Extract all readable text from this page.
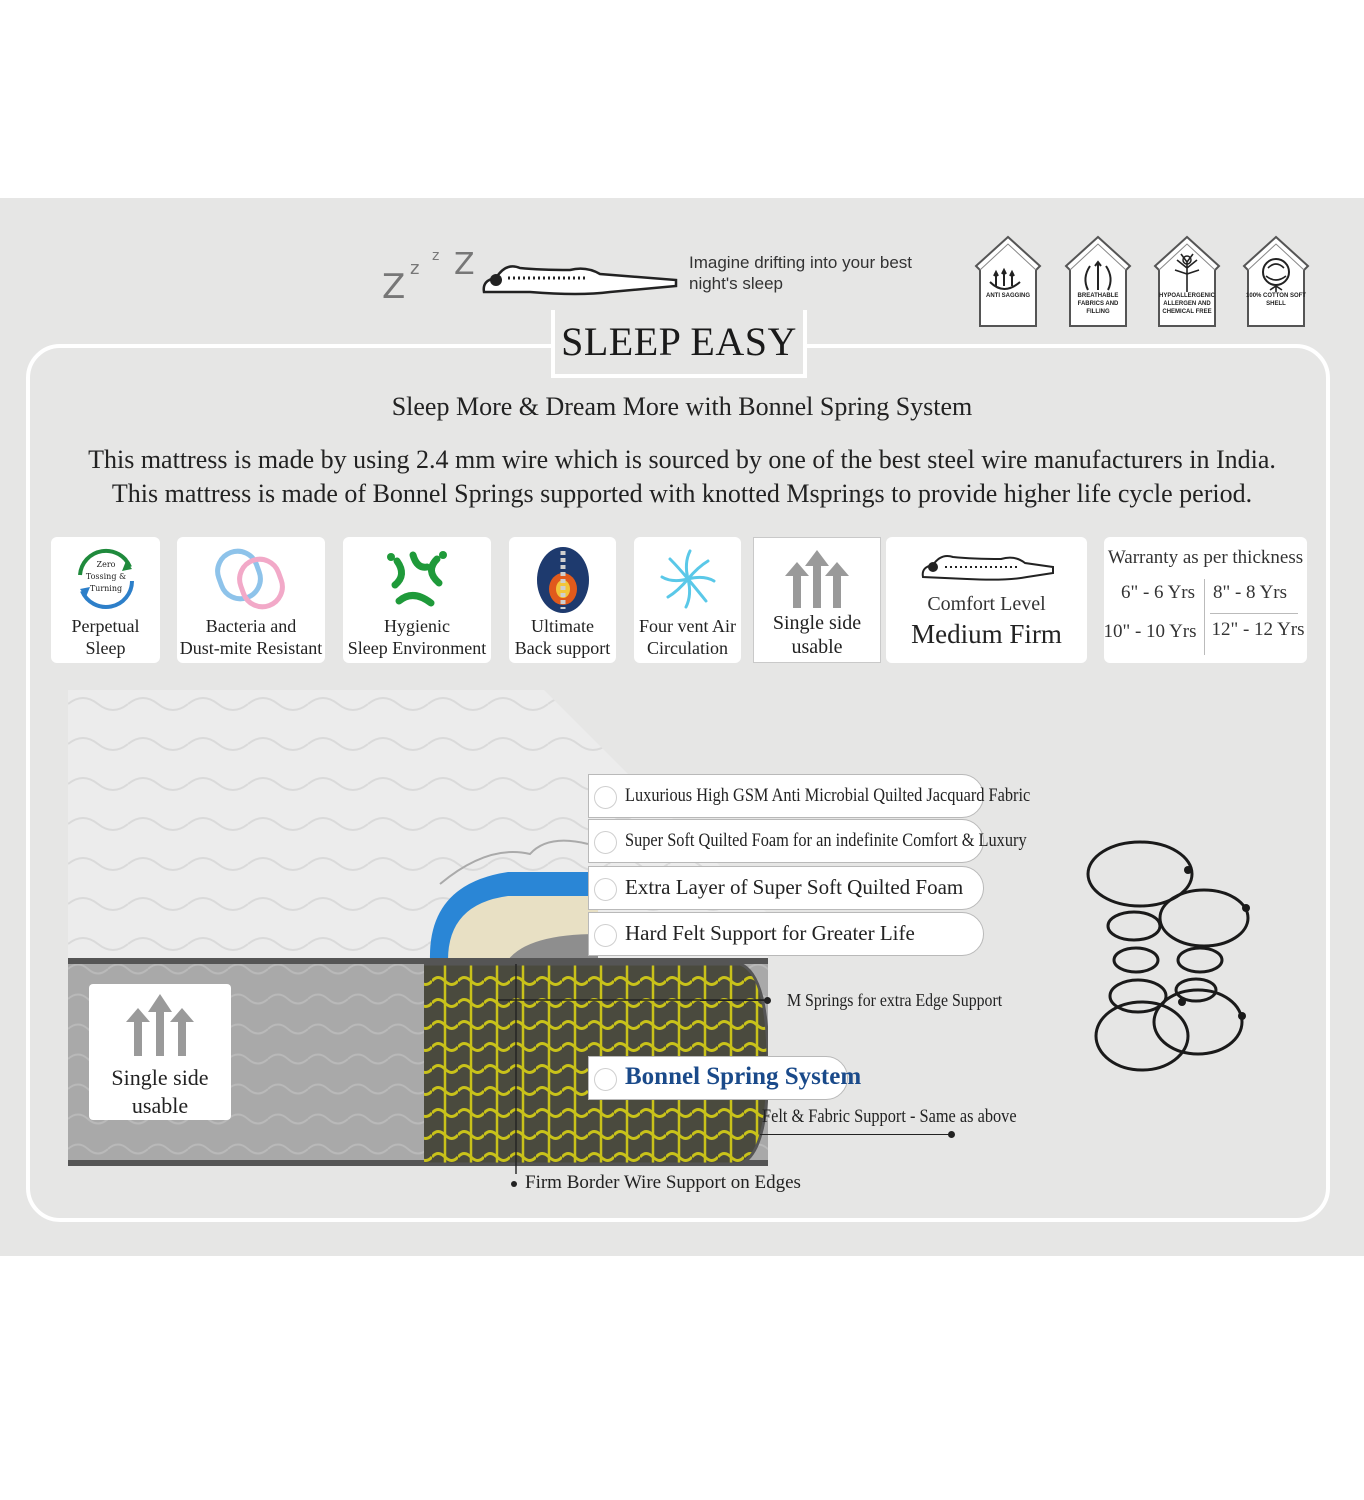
Z z
z Z	Imagine drifting into your best night's sleep
ANTI SAGGING	BREATHABLE FABRICS AND FILLING
HYPOALLERGENIC ALLERGEN AND CHEMICAL FREE
100% COTTON SOFT SHELL
SLEEP EASY
Sleep More & Dream More with Bonnel Spring System
This mattress is made by using 2.4 mm wire which is sourced by one of the best steel wire manufacturers in India.
This mattress is made of Bonnel Springs supported with knotted Msprings to provide higher life cycle period.
Zero
Tossing &
Turning
Perpetual
Sleep
Bacteria and
Dust-mite Resistant
Hygienic
Sleep Environment
Ultimate
Back support
Four vent Air
Circulation
Single side
usable
Comfort Level
Medium Firm
Warranty as per thickness
6" - 6 Yrs 8" - 8 Yrs
10" - 10 Yrs 12" - 12 Yrs
Luxurious High GSM Anti Microbial Quilted Jacquard Fabric
Super Soft Quilted Foam for an indefinite Comfort & Luxury
Extra Layer of Super Soft Quilted Foam
Hard Felt Support for Greater Life
M Springs for extra Edge Support
Bonnel Spring System
Felt & Fabric Support - Same as above
Firm Border Wire Support on Edges
Single side
usable
